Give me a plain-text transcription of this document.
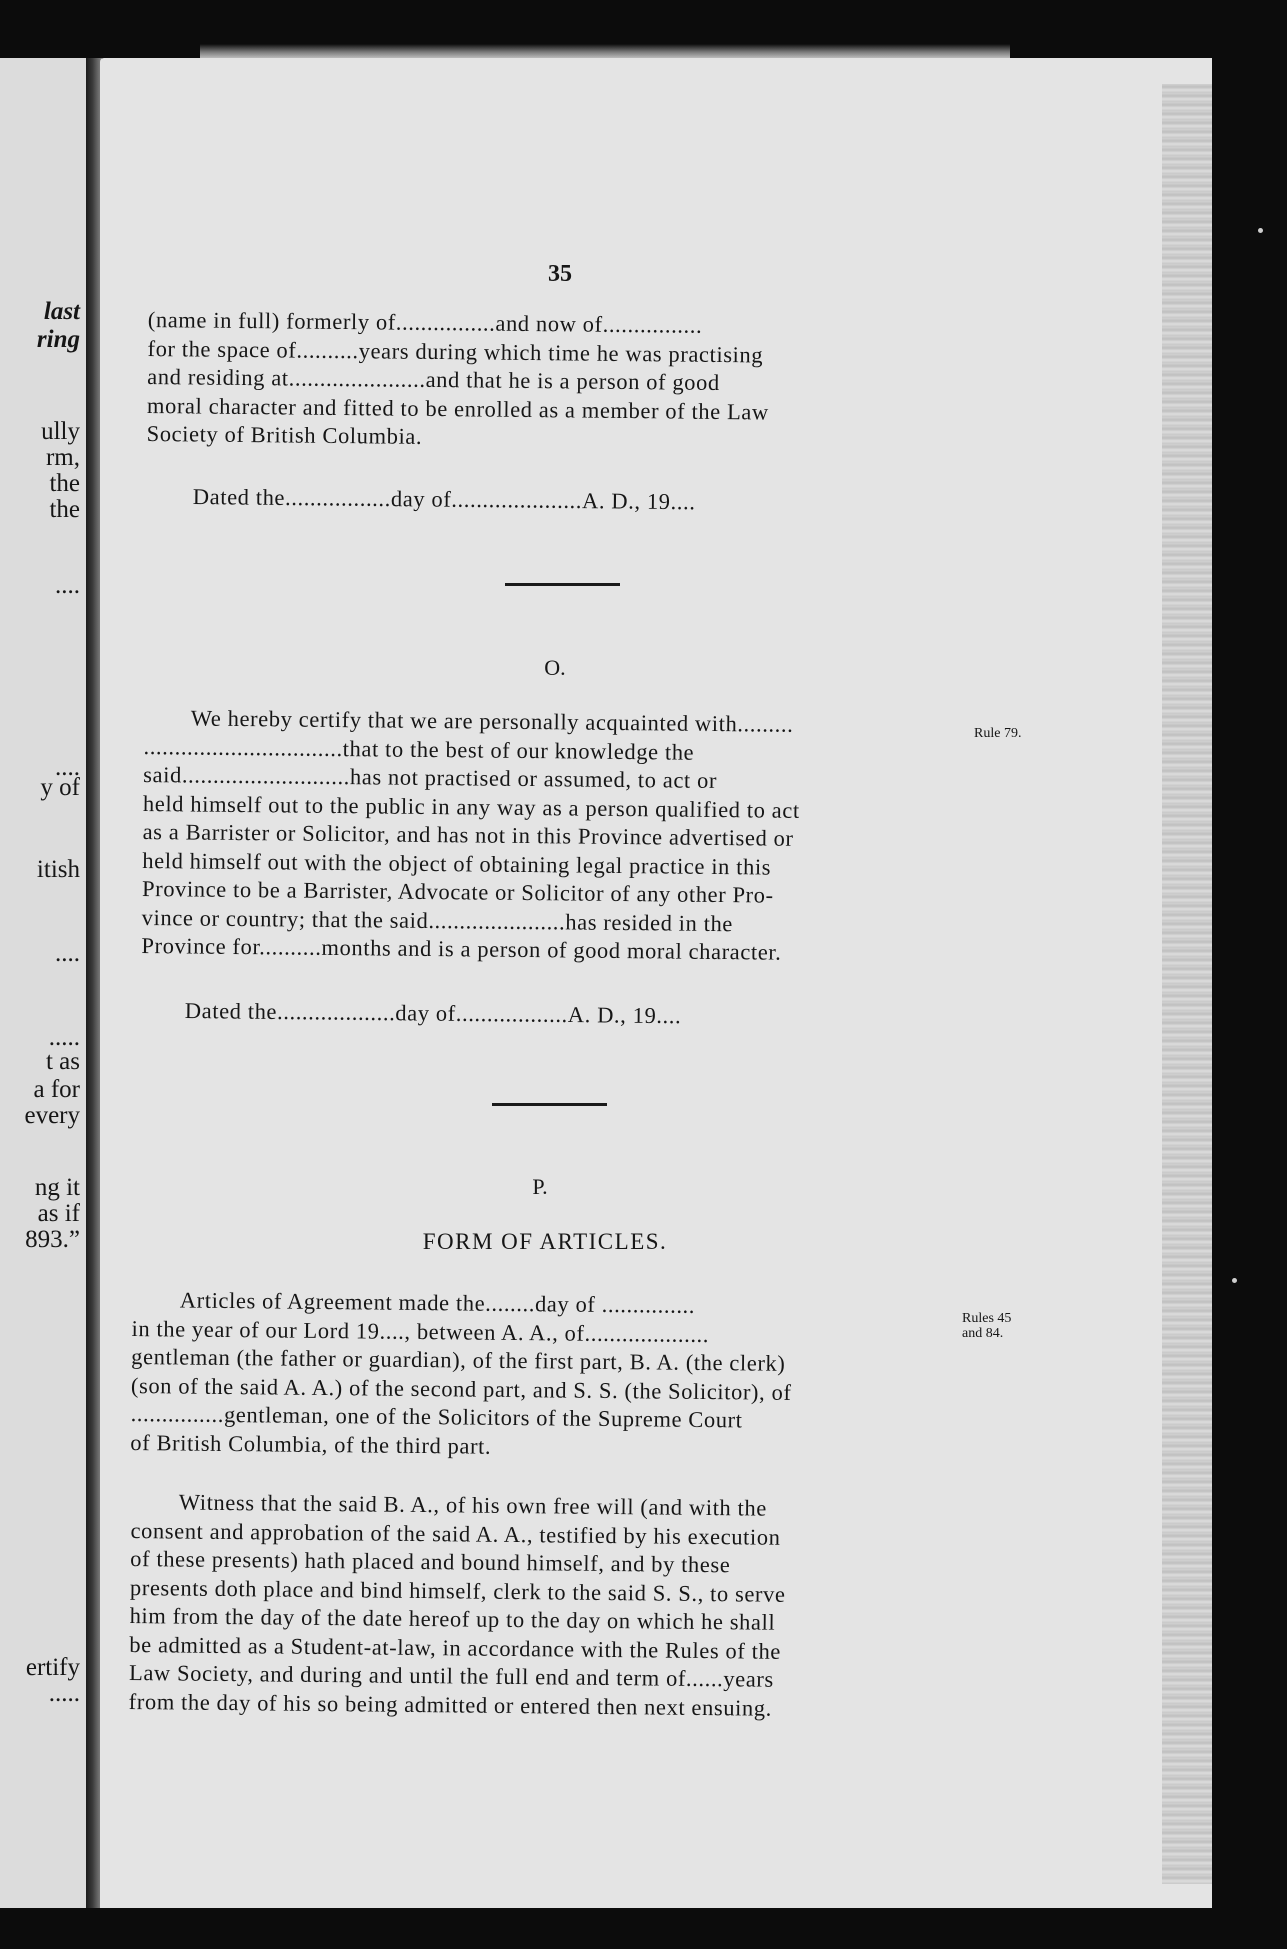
last
ring
ully
rm,
the
the
....
....
y of
itish
....
.....
t as
a for
every
ng it
as if
893.”
ertify
.....
35
(name in full) formerly of................and now of................
for the space of..........years during which time he was practising
and residing at......................and that he is a person of good
moral character and fitted to be enrolled as a member of the Law
Society of British Columbia.
Dated the.................day of.....................A. D., 19....
O.
We hereby certify that we are personally acquainted with.........
................................that to the best of our knowledge the
said...........................has not practised or assumed, to act or
held himself out to the public in any way as a person qualified to act
as a Barrister or Solicitor, and has not in this Province advertised or
held himself out with the object of obtaining legal practice in this
Province to be a Barrister, Advocate or Solicitor of any other Pro-
vince or country; that the said......................has resided in the
Province for..........months and is a person of good moral character.
Rule 79.
Dated the...................day of..................A. D., 19....
P.
FORM OF ARTICLES.
Articles of Agreement made the........day of ...............
in the year of our Lord 19...., between A. A., of....................
gentleman (the father or guardian), of the first part, B. A. (the clerk)
(son of the said A. A.) of the second part, and S. S. (the Solicitor), of
...............gentleman, one of the Solicitors of the Supreme Court
of British Columbia, of the third part.
Rules 45
and 84.
Witness that the said B. A., of his own free will (and with the
consent and approbation of the said A. A., testified by his execution
of these presents) hath placed and bound himself, and by these
presents doth place and bind himself, clerk to the said S. S., to serve
him from the day of the date hereof up to the day on which he shall
be admitted as a Student-at-law, in accordance with the Rules of the
Law Society, and during and until the full end and term of......years
from the day of his so being admitted or entered then next ensuing.
